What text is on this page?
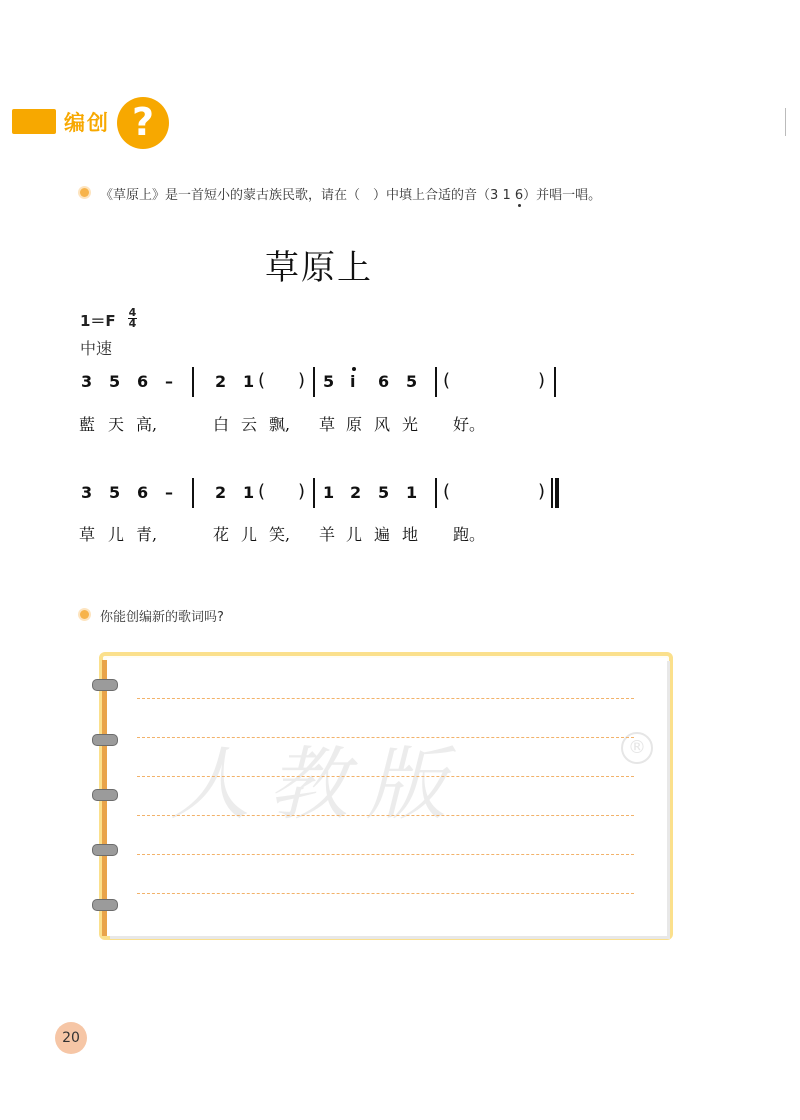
编创 ?
《草原上》是一首短小的蒙古族民歌，请在（　）中填上合适的音（3 1 6）并唱一唱。
草原上
1＝F 4
4
中速
3 5 6 –	2 1 ( ) 5 i 6 5 (	)
藍 天 高,	白 云 飘, 草 原 风 光 好。
3 5 6 –	2 1 ( ) 1 2 5 1 (	)
草 儿 青,	花 儿 笑, 羊 儿 遍 地 跑。
你能创编新的歌词吗?
人教版	®
20
